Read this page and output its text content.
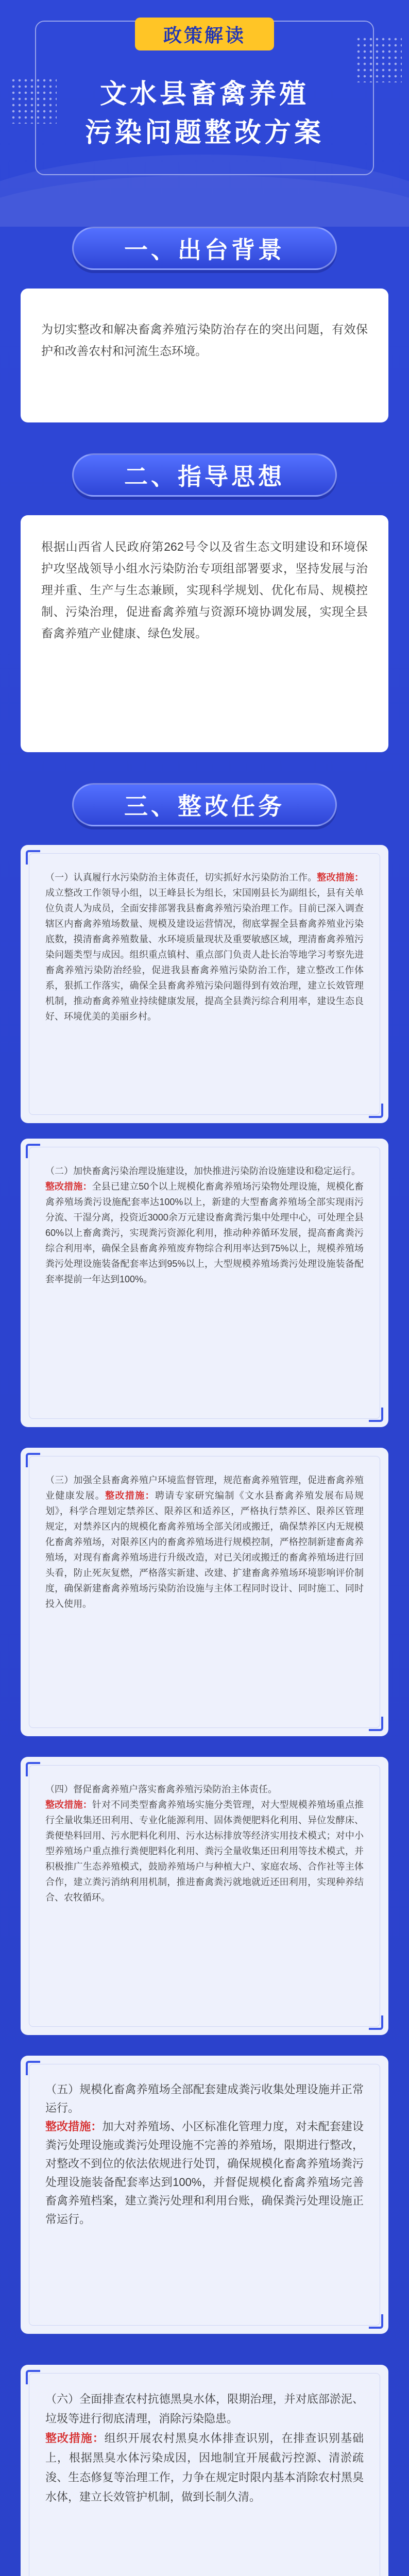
政策解读
文水县畜禽养殖
污染问题整改方案
一、出台背景

为切实整改和解决畜禽养殖污染防治存在的突出问题，有效保护和改善农村和河流生态环境。

二、指导思想

根据山西省人民政府第262号令以及省生态文明建设和环境保护攻坚战领导小组水污染防治专项组部署要求，坚持发展与治理并重、生产与生态兼顾，实现科学规划、优化布局、规模控制、污染治理，促进畜禽养殖与资源环境协调发展，实现全县畜禽养殖产业健康、绿色发展。

三、整改任务

（一）认真履行水污染防治主体责任，切实抓好水污染防治工作。整改措施：成立整改工作领导小组，以王峰县长为组长，宋国刚县长为副组长，县有关单位负责人为成员，全面安排部署我县畜禽养殖污染治理工作。目前已深入调查辖区内畜禽养殖场数量、规模及建设运营情况，彻底掌握全县畜禽养殖业污染底数，摸清畜禽养殖数量、水环境质量现状及重要敏感区域，理清畜禽养殖污染问题类型与成因。组织重点镇村、重点部门负责人赴长治等地学习考察先进畜禽养殖污染防治经验，促进我县畜禽养殖污染防治工作，建立整改工作体系，狠抓工作落实，确保全县畜禽养殖污染问题得到有效治理，建立长效管理机制，推动畜禽养殖业持续健康发展，提高全县粪污综合利用率，建设生态良好、环境优美的美丽乡村。

（二）加快畜禽污染治理设施建设，加快推进污染防治设施建设和稳定运行。
整改措施：全县已建立50个以上规模化畜禽养殖场污染物处理设施，规模化畜禽养殖场粪污设施配套率达100%以上，新建的大型畜禽养殖场全部实现雨污分流、干湿分离，投资近3000余万元建设畜禽粪污集中处理中心，可处理全县60%以上畜禽粪污，实现粪污资源化利用，推动种养循环发展，提高畜禽粪污综合利用率，确保全县畜禽养殖废弃物综合利用率达到75%以上，规模养殖场粪污处理设施装备配套率达到95%以上，大型规模养殖场粪污处理设施装备配套率提前一年达到100%。

（三）加强全县畜禽养殖户环境监督管理，规范畜禽养殖管理，促进畜禽养殖业健康发展。整改措施：聘请专家研究编制《文水县畜禽养殖发展布局规划》，科学合理划定禁养区、限养区和适养区，严格执行禁养区、限养区管理规定，对禁养区内的规模化畜禽养殖场全部关闭或搬迁，确保禁养区内无规模化畜禽养殖场，对限养区内的畜禽养殖场进行规模控制，严格控制新建畜禽养殖场，对现有畜禽养殖场进行升级改造，对已关闭或搬迁的畜禽养殖场进行回头看，防止死灰复燃，严格落实新建、改建、扩建畜禽养殖场环境影响评价制度，确保新建畜禽养殖场污染防治设施与主体工程同时设计、同时施工、同时投入使用。

（四）督促畜禽养殖户落实畜禽养殖污染防治主体责任。
整改措施：针对不同类型畜禽养殖场实施分类管理，对大型规模养殖场重点推行全量收集还田利用、专业化能源利用、固体粪便肥料化利用、异位发酵床、粪便垫料回用、污水肥料化利用、污水达标排放等经济实用技术模式；对中小型养殖场户重点推行粪便肥料化利用、粪污全量收集还田利用等技术模式，并积极推广生态养殖模式，鼓励养殖场户与种植大户、家庭农场、合作社等主体合作，建立粪污消纳利用机制，推进畜禽粪污就地就近还田利用，实现种养结合、农牧循环。

（五）规模化畜禽养殖场全部配套建成粪污收集处理设施并正常运行。
整改措施：加大对养殖场、小区标准化管理力度，对未配套建设粪污处理设施或粪污处理设施不完善的养殖场，限期进行整改，对整改不到位的依法依规进行处罚，确保规模化畜禽养殖场粪污处理设施装备配套率达到100%，并督促规模化畜禽养殖场完善畜禽养殖档案，建立粪污处理和利用台账，确保粪污处理设施正常运行。

（六）全面排查农村抗德黑臭水体，限期治理，并对底部淤泥、垃圾等进行彻底清理，消除污染隐患。
整改措施：组织开展农村黑臭水体排查识别，在排查识别基础上，根据黑臭水体污染成因，因地制宜开展截污控源、清淤疏浚、生态修复等治理工作，力争在规定时限内基本消除农村黑臭水体，建立长效管护机制，做到长制久清。
